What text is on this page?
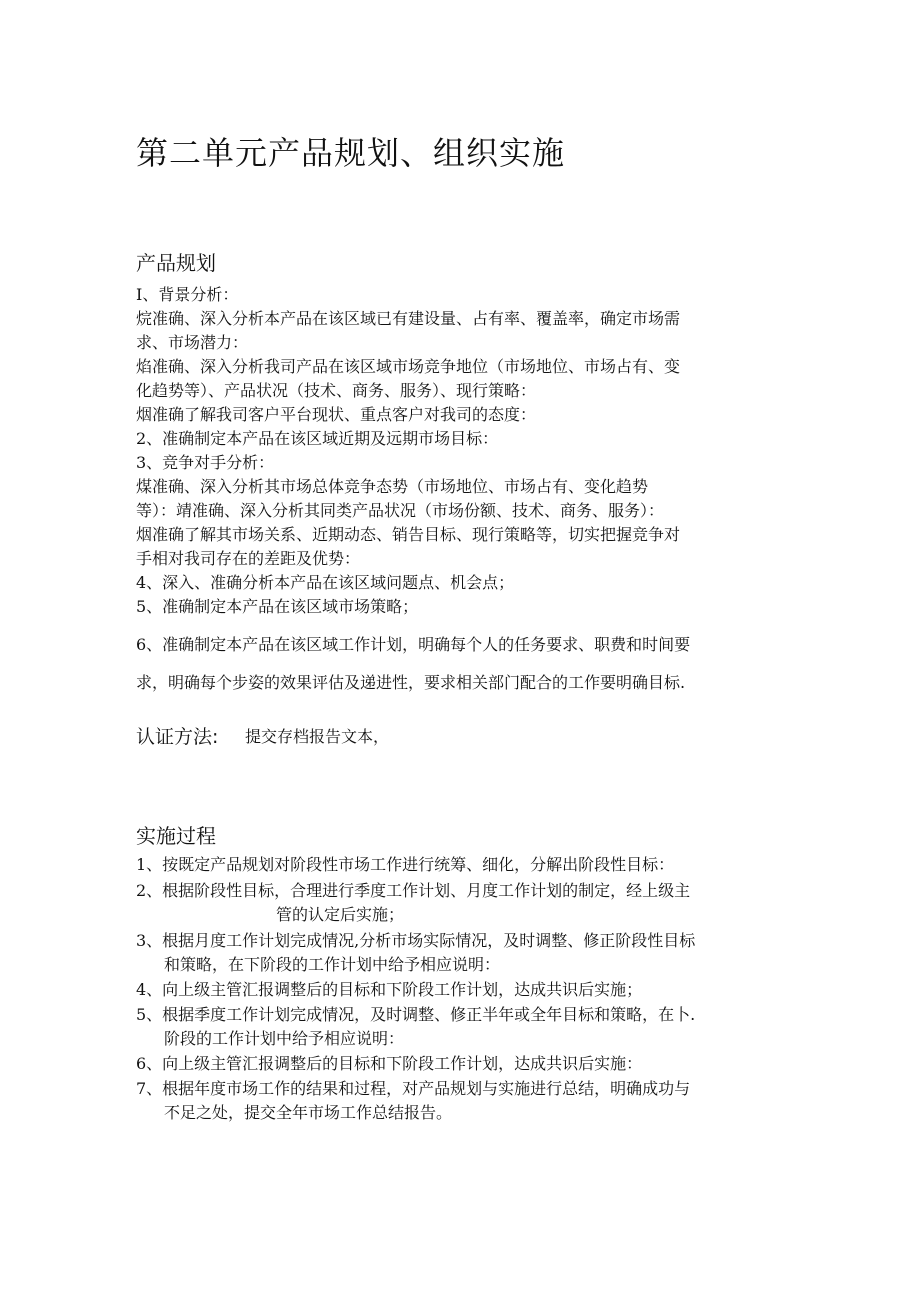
第二单元产品规划、组织实施
产品规划
I、背景分析：
烷准确、深入分析本产品在该区域已有建设量、占有率、覆盖率，确定市场需
求、市场潜力：
焰准确、深入分析我司产品在该区域市场竞争地位（市场地位、市场占有、变
化趋势等）、产品状况（技术、商务、服务）、现行策略：
烟准确了解我司客户平台现状、重点客户对我司的态度：
2、准确制定本产品在该区域近期及远期市场目标：
3、竞争对手分析：
煤准确、深入分析其市场总体竞争态势（市场地位、市场占有、变化趋势
等）：靖准确、深入分析其同类产品状况（市场份额、技术、商务、服务）：
烟准确了解其市场关系、近期动态、销告目标、现行策略等，切实把握竞争对
手相对我司存在的差距及优势：
4、深入、准确分析本产品在该区域问题点、机会点；
5、准确制定本产品在该区域市场策略；
6、准确制定本产品在该区域工作计划，明确每个人的任务要求、职费和时间要
求，明确每个步姿的效果评估及递进性，要求相关部门配合的工作要明确目标.
认证方法: 提交存档报告文本，
实施过程
1、按既定产品规划对阶段性市场工作进行统筹、细化，分解出阶段性目标：
2、根据阶段性目标，合理进行季度工作计划、月度工作计划的制定，经上级主
管的认定后实施；
3、根据月度工作计划完成情况,分析市场实际情况，及时调整、修正阶段性目标
和策略，在下阶段的工作计划中给予相应说明：
4、向上级主管汇报调整后的目标和下阶段工作计划，达成共识后实施；
5、根据季度工作计划完成情况，及时调整、修正半年或全年目标和策略，在卜.
阶段的工作计划中给予相应说明：
6、向上级主管汇报调整后的目标和下阶段工作计划，达成共识后实施：
7、根据年度市场工作的结果和过程，对产品规划与实施进行总结，明确成功与
不足之处，提交全年市场工作总结报告。
